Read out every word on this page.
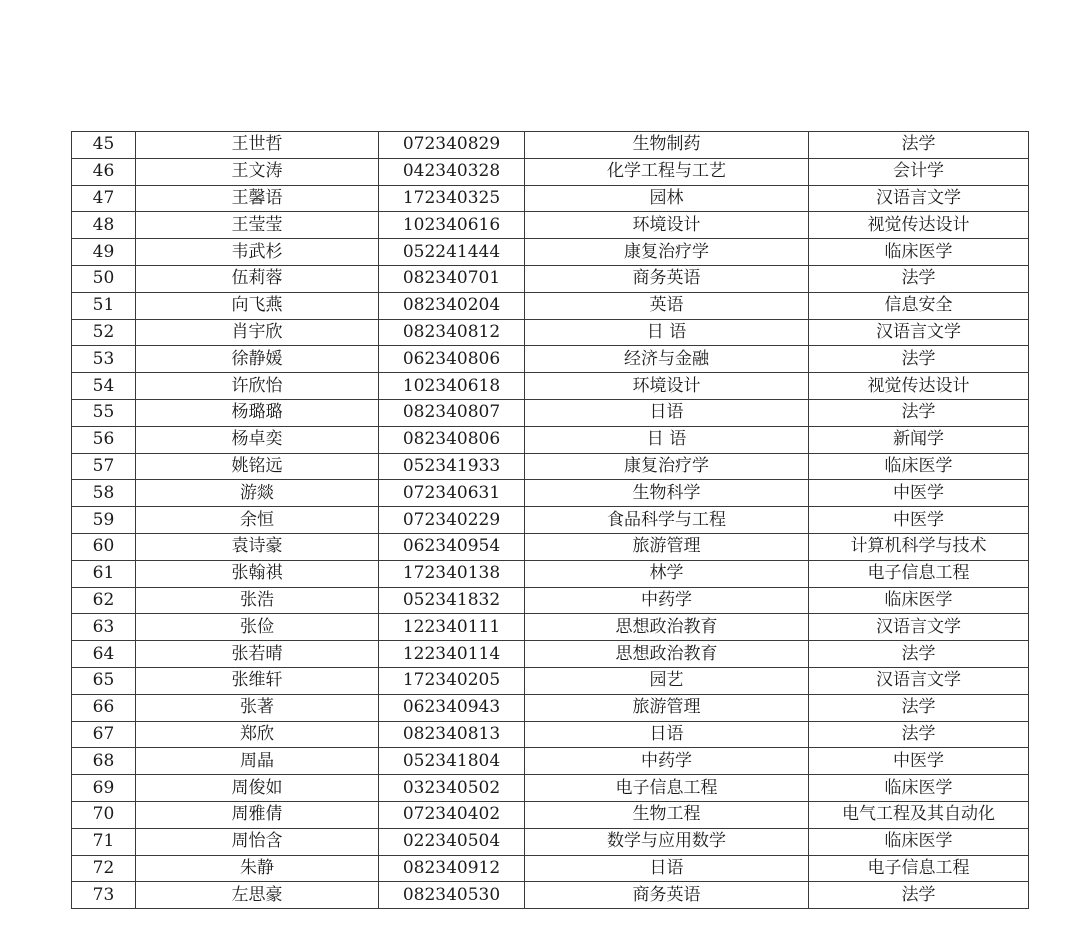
45	王世哲	072340829	生物制药	法学
46	王文涛	042340328	化学工程与工艺	会计学
47	王馨语	172340325	园林	汉语言文学
48	王莹莹	102340616	环境设计	视觉传达设计
49	韦武杉	052241444	康复治疗学	临床医学
50	伍莉蓉	082340701	商务英语	法学
51	向飞燕	082340204	英语	信息安全
52	肖宇欣	082340812	日 语	汉语言文学
53	徐静媛	062340806	经济与金融	法学
54	许欣怡	102340618	环境设计	视觉传达设计
55	杨璐璐	082340807	日语	法学
56	杨卓奕	082340806	日 语	新闻学
57	姚铭远	052341933	康复治疗学	临床医学
58	游燚	072340631	生物科学	中医学
59	余恒	072340229	食品科学与工程	中医学
60	袁诗豪	062340954	旅游管理	计算机科学与技术
61	张翰祺	172340138	林学	电子信息工程
62	张浩	052341832	中药学	临床医学
63	张俭	122340111	思想政治教育	汉语言文学
64	张若晴	122340114	思想政治教育	法学
65	张维轩	172340205	园艺	汉语言文学
66	张著	062340943	旅游管理	法学
67	郑欣	082340813	日语	法学
68	周晶	052341804	中药学	中医学
69	周俊如	032340502	电子信息工程	临床医学
70	周雅倩	072340402	生物工程	电气工程及其自动化
71	周怡含	022340504	数学与应用数学	临床医学
72	朱静	082340912	日语	电子信息工程
73	左思豪	082340530	商务英语	法学
